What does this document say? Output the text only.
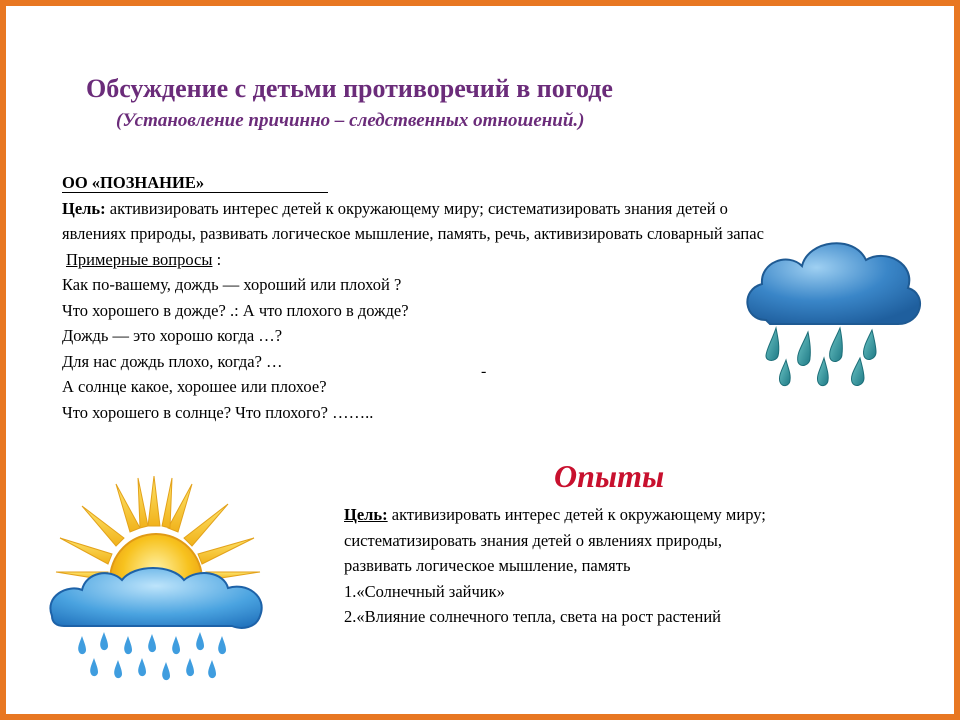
Обсуждение с детьми противоречий в погоде
(Установление причинно – следственных отношений.)
ОО «ПОЗНАНИЕ»
Цель: активизировать интерес детей к окружающему миру; систематизировать знания детей о
явлениях природы, развивать логическое мышление, память, речь, активизировать словарный запас
Примерные вопросы :
Как по-вашему, дождь — хороший или плохой ?
Что хорошего в дожде? .: А что плохого в дожде?
Дождь — это хорошо когда …?
Для нас дождь плохо, когда? …
А солнце какое, хорошее или плохое?
Что хорошего в солнце? Что плохого? ……..
-
Опыты
Цель: активизировать интерес детей к окружающему миру;
систематизировать знания детей о явлениях природы,
развивать логическое мышление, память
1.«Солнечный зайчик»
2.«Влияние солнечного тепла, света на рост растений
